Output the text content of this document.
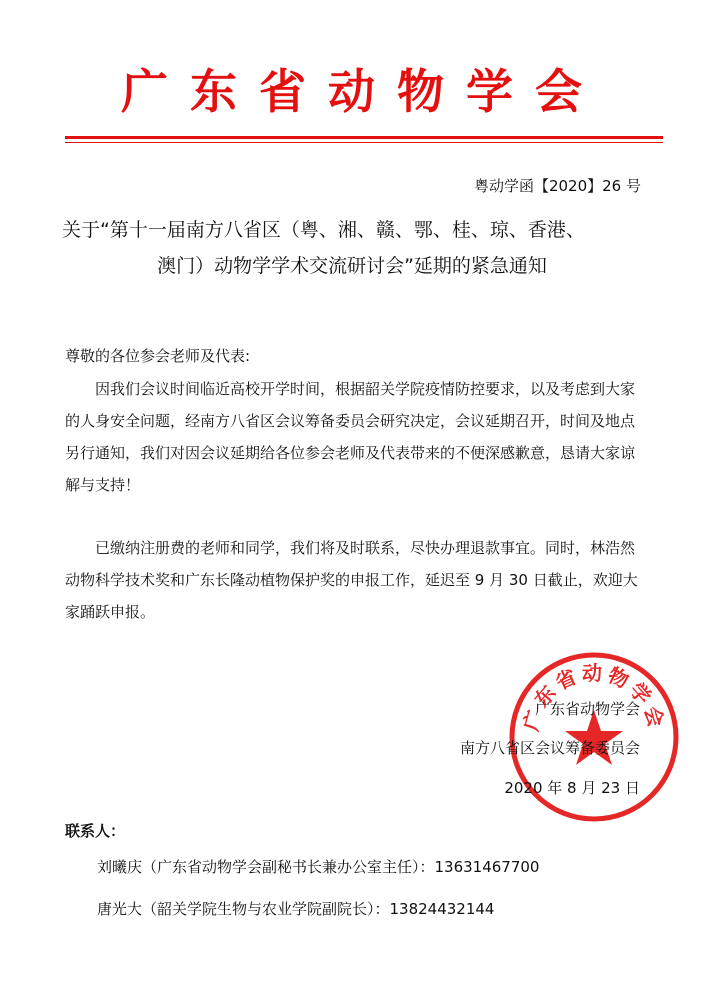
广东省动物学会
粤动学函【2020】26 号
关于“第十一届南方八省区（粤、湘、赣、鄂、桂、琼、香港、
澳门）动物学学术交流研讨会”延期的紧急通知
尊敬的各位参会老师及代表:

因我们会议时间临近高校开学时间，根据韶关学院疫情防控要求，以及考虑到大家的人身安全问题，经南方八省区会议筹备委员会研究决定，会议延期召开，时间及地点另行通知，我们对因会议延期给各位参会老师及代表带来的不便深感歉意，恳请大家谅解与支持！

已缴纳注册费的老师和同学，我们将及时联系，尽快办理退款事宜。同时，林浩然动物科学技术奖和广东长隆动植物保护奖的申报工作，延迟至 9 月 30 日截止，欢迎大家踊跃申报。

广东省动物学会
广东省动物学会
南方八省区会议筹备委员会
2020 年 8 月 23 日
联系人：
刘曦庆（广东省动物学会副秘书长兼办公室主任）：13631467700
唐光大（韶关学院生物与农业学院副院长）：13824432144
